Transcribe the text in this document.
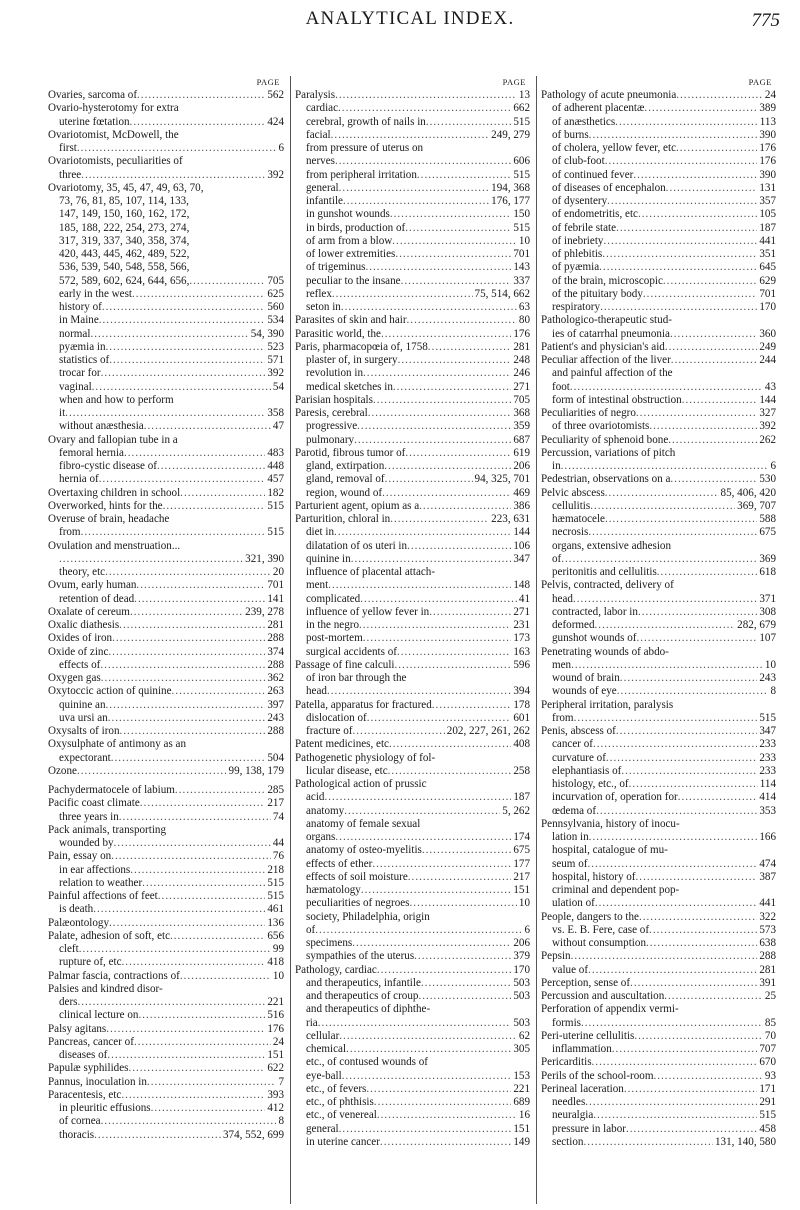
ANALYTICAL INDEX.	775
PAGE
Ovaries, sarcoma of .....	562
Ovario-hysterotomy for extra
uterine fœtation .....	424
Ovariotomist, McDowell, the
first .....	6
Ovariotomists, peculiarities of
three .....	392
Ovariotomy, 35, 45, 47, 49, 63, 70,
73, 76, 81, 85, 107, 114, 133,
147, 149, 150, 160, 162, 172,
185, 188, 222, 254, 273, 274,
317, 319, 337, 340, 358, 374,
420, 443, 445, 462, 489, 522,
536, 539, 540, 548, 558, 566,
572, 589, 602, 624, 644, 656, .....	705
early in the west .....	625
history of .....	560
in Maine .....	534
normal .....	54, 390
pyæmia in .....	523
statistics of .....	571
trocar for .....	392
vaginal .....	54
when and how to perform
it .....	358
without anæsthesia .....	47
Ovary and fallopian tube in a
femoral hernia .....	483
fibro-cystic disease of .....	448
hernia of .....	457
Overtaxing children in school .....	182
Overworked, hints for the .....	515
Overuse of brain, headache
from .....	515
Ovulation and menstruation...
.....
321, 390
theory, etc .....	20
Ovum, early human .....	701
retention of dead .....	141
Oxalate of cereum .....	239, 278
Oxalic diathesis .....	281
Oxides of iron .....	288
Oxide of zinc .....	374
effects of .....	288
Oxygen gas .....	362
Oxytoccic action of quinine .....	263
quinine an .....	397
uva ursi an .....	243
Oxysalts of iron .....	288
Oxysulphate of antimony as an
expectorant .....	504
Ozone .....	99, 138, 179
Pachydermatocele of labium .....	285
Pacific coast climate .....	217
three years in .....	74
Pack animals, transporting
wounded by .....	44
Pain, essay on .....	76
in ear affections .....	218
relation to weather .....	515
Painful affections of feet .....	515
is death .....	461
Palæontology .....	136
Palate, adhesion of soft, etc .....	656
cleft .....	99
rupture of, etc .....	418
Palmar fascia, contractions of .....	10
Palsies and kindred disor-
ders .....	221
clinical lecture on .....	516
Palsy agitans .....	176
Pancreas, cancer of .....	24
diseases of .....	151
Papulæ syphilides .....	622
Pannus, inoculation in .....	7
Paracentesis, etc .....	393
in pleuritic effusions .....	412
of cornea .....	8
thoracis .....	374, 552, 699
PAGE
Paralysis .....	13
cardiac .....	662
cerebral, growth of nails in .....	515
facial .....	249, 279
from pressure of uterus on
nerves .....	606
from peripheral irritation .....	515
general .....	194, 368
infantile .....	176, 177
in gunshot wounds .....	150
in birds, production of .....	515
of arm from a blow .....	10
of lower extremities .....	701
of trigeminus .....	143
peculiar to the insane .....	337
reflex .....	75, 514, 662
seton in .....	63
Parasites of skin and hair .....	80
Parasitic world, the .....	176
Paris, pharmacopœia of, 1758 .....	281
plaster of, in surgery .....	248
revolution in .....	246
medical sketches in .....	271
Parisian hospitals .....	705
Paresis, cerebral .....	368
progressive .....	359
pulmonary .....	687
Parotid, fibrous tumor of .....	619
gland, extirpation .....	206
gland, removal of .....	94, 325, 701
region, wound of .....	469
Parturient agent, opium as a .....	386
Parturition, chloral in .....	223, 631
diet in .....	144
dilatation of os uteri in .....	106
quinine in .....	347
influence of placental attach-
ment .....	148
complicated .....	41
influence of yellow fever in .....	271
in the negro .....	231
post-mortem .....	173
surgical accidents of .....	163
Passage of fine calculi .....	596
of iron bar through the
head .....	394
Patella, apparatus for fractured .....	178
dislocation of .....	601
fracture of .....	202, 227, 261, 262
Patent medicines, etc .....	408
Pathogenetic physiology of fol-
licular disease, etc .....	258
Pathological action of prussic
acid .....	187
anatomy .....	5, 262
anatomy of female sexual
organs .....	174
anatomy of osteo-myelitis .....	675
effects of ether .....	177
effects of soil moisture .....	217
hæmatology .....	151
peculiarities of negroes .....	10
society, Philadelphia, origin
of .....	6
specimens .....	206
sympathies of the uterus .....	379
Pathology, cardiac .....	170
and therapeutics, infantile .....	503
and therapeutics of croup .....	503
and therapeutics of diphthe-
ria .....	503
cellular .....	62
chemical .....	305
etc., of contused wounds of
eye-ball .....	153
etc., of fevers .....	221
etc., of phthisis .....	689
etc., of venereal .....	16
general .....	151
in uterine cancer .....	149
PAGE
Pathology of acute pneumonia .....	24
of adherent placentæ .....	389
of anæsthetics .....	113
of burns .....	390
of cholera, yellow fever, etc .....	176
of club-foot .....	176
of continued fever .....	390
of diseases of encephalon .....	131
of dysentery .....	357
of endometritis, etc .....	105
of febrile state .....	187
of inebriety .....	441
of phlebitis .....	351
of pyæmia .....	645
of the brain, microscopic .....	629
of the pituitary body .....	701
respiratory .....	170
Pathologico-therapeutic stud-
ies of catarrhal pneumonia .....	360
Patient's and physician's aid .....	249
Peculiar affection of the liver .....	244
and painful affection of the
foot .....	43
form of intestinal obstruction .....	144
Peculiarities of negro .....	327
of three ovariotomists .....	392
Peculiarity of sphenoid bone .....	262
Percussion, variations of pitch
in .....	6
Pedestrian, observations on a .....	530
Pelvic abscess .....	85, 406, 420
cellulitis .....	369, 707
hæmatocele .....	588
necrosis .....	675
organs, extensive adhesion
of .....	369
peritonitis and cellulitis .....	618
Pelvis, contracted, delivery of
head .....	371
contracted, labor in .....	308
deformed .....	282, 679
gunshot wounds of .....	107
Penetrating wounds of abdo-
men .....	10
wound of brain .....	243
wounds of eye .....	8
Peripheral irritation, paralysis
from .....	515
Penis, abscess of .....	347
cancer of .....	233
curvature of .....	233
elephantiasis of .....	233
histology, etc., of .....	114
incurvation of, operation for .....	414
œdema of .....	353
Pennsylvania, history of inocu-
lation in .....	166
hospital, catalogue of mu-
seum of .....	474
hospital, history of .....	387
criminal and dependent pop-
ulation of .....	441
People, dangers to the .....	322
vs. E. B. Fere, case of .....	573
without consumption .....	638
Pepsin .....	288
value of .....	281
Perception, sense of .....	391
Percussion and auscultation .....	25
Perforation of appendix vermi-
formis .....	85
Peri-uterine cellulitis .....	70
inflammation .....	707
Pericarditis .....	670
Perils of the school-room .....	93
Perineal laceration .....	171
needles .....	291
neuralgia .....	515
pressure in labor .....	458
section .....	131, 140, 580
